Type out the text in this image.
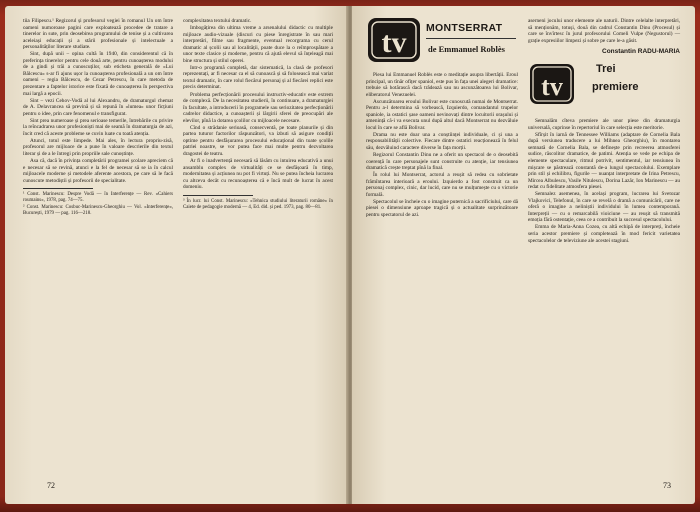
tiia Filipescu.¹ Regizorul și profesorul vegiei în romanul Un om între oameni numoroase pagini care exploatează procedee de tratare a tinerelor in sute, prin deosebirea programului de tenise și a cultivarea aceleiași educații și a stării profesionale și intelectuale a personalităților literare studiate.

Sint, după unii – opina cultă în 1940, din considerentul că în preferința tinerelor pentru cele două arte, pentru cunoașterea modului de a gindi și trăi a cunoscuților, sub eticheta generală de «Lui Bălcescu» s-ar fi ajuns ușor la cunoașterea profesională a un om între oameni – regia Bălcescu, de Cezar Petrescu, în care metoda de prezentare a faptelor istorice este fixată de cunoașterea în perspectiva mai largă a epocii.

Sint – vezi Cehov-Vodă al lui Alexandru, de dramaturgul chemat de A. Delavrancea să prevină și să repună în «lumea» unor ficțiuni pentru o idee, prin care fenomenul e transfigurat.

Sint prea numeroase și prea serioase temerile, întrebările cu privire la reîncadrarea unor profesioniști mai de seamă în dramaturgia de azi, încit cred că aceste probleme se cuvin luate cu toată atenția.

Atunci, totul este limpede. Mai ales, în lectura propriu-zisă, profesorul are mijloace de a pune în valoare descrierile din textul literar și de a le întregi prin propriile sale cunoștințe.

Asa că, dacă în privința completării programei școlare apreciem că e necesar să se revină, atunci e la fel de necesar să se ia în calcul mijloacele moderne și metodele aferente acestora, pe care să le facă cunoscute metodiștii și profesorii de specialitate.

¹ Const. Marinescu: Despre Vodă — în Interferențe — Rev. «Cahiers roumains», 1978, pag. 74—75.

² Const. Marinescu: Cosbuc-Marinescu-Gheorghiu — Vol. «Interferențe», București, 1979 — pag. 116—218.

complexitatea textului dramatic.

Imbogățirea din ultima vreme a arsenalului didactic cu multiple mijloace audio-vizuale (discuri cu piese înregistrate în sau mari interpretări, filme sau fragmente, eventual recorgrama cu cerul dramatic al școlii sau al localității, poate duce la o reîmprospătare a unor texte clasice și moderne, pentru că ajută elevul să înțeleagă mai bine structura și stilul operei.

Intr-o programă completă, dar sistematică, la clasă de profesori reprezentați, ar fi necesar ca el să cunoască și să folosească mai variat textul dramatic, în care rolul fiecărui personaj și al fiecărei replici este precis determinat.

Problema perfecționării procesului instructiv-educativ este extrem de complexă. De la necesitatea studierii, în continuare, a dramaturgiei în facultate, a introducerii în programele sau seriozitatea perfecționării cadrelor didactice, a cunoașterii și lărgirii sferei de preocupări ale elevilor, pînă la dotarea școlilor cu mijloacele necesare.

Cînd o strădanie serioasă, consecventă, pe toate planurile și din partea tuturor factorilor răspunzători, va izbuti să asigure condiții optime pentru desfășurarea procesului educațional din toate școlile patriei noastre, se vor putea face mai multe pentru dezvoltarea dragostei de teatru.

Ar fi o inadvertență necesară să lăsăm cu intuirea educativă a unui ansamblu complex de virtualități ce se desfășoară în timp, modernitatea și acțiunea nu pot fi virtuți. Nu se putea încheia lucrarea cu altceva decât cu recunoașterea că e încă mult de lucrat în acest domeniu.

³ În lucr. lui Const. Marinescu: «Tehnica studiului literaturii române» în Caiete de pedagogie modernă — 4, Ed. did. și ped. 1973, pag. 80—81.

72
tv MONTSERRAT
de Emmanuel Roblès

Piesa lui Emmanuel Roblès este o meditație asupra libertății. Eroul principal, un tînăr ofițer spaniol, este pus în fața unei alegeri dramatice: trebuie să hotărască dacă trădează sau nu ascunzătoarea lui Bolivar, eliberatorul Venezuelei.

Ascunzătoarea eroului Bolivar este cunoscută numai de Montserrat. Pentru a-l determina să vorbească, Izquierdo, comandantul trupelor spaniole, ia ostatici șase oameni nevinovați dintre locuitorii orașului și amenință că-i va executa unul după altul dacă Montserrat nu dezvăluie locul în care se află Bolivar.

Drama nu este doar una a conștiinței individuale, ci și una a responsabilității colective. Fiecare dintre ostatici reacționează în felul său, dezvăluind caractere diverse în fața morții.

Regizorul Constantin Dinu ne a oferit un spectacol de o deosebită coerență în care personajele sunt construite cu atenție, iar tensiunea dramatică crește treptat pînă la final.

În rolul lui Montserrat, actorul a reușit să redea cu sobrietate frămîntarea interioară a eroului. Izquierdo a fost construit ca un personaj complex, cinic, dar lucid, care nu se mulțumește cu o victorie formală.

Spectacolul se încheie cu o imagine puternică a sacrificiului, care dă piesei o dimensiune aproape tragică și o actualitate surprinzătoare pentru spectatorul de azi.

aserneni jocului unor elemente ale naturii. Dintre celelalte interpretări, să menționăm, totuși, două din cadrul Constantin Dinu (Procesul) și care se învîrtesc în jurul profesorului Comeli Vulpe (Negustorul) — grație expresiilor limpezi și sobre pe care le-a găsit.

Constantin RADU-MARIA

tv
Trei
premiere

Semnalăm cîteva premiere ale unor piese din dramaturgia universală, cuprinse în repertoriul în care selecția este meritorie.

Sfîrșit în iarnă de Tennessee Williams (adaptare de Cornelia Bala după versiunea traducere a lui Mihnea Gheorghiu), în montarea semnată de Cornelia Bala, se definește prin recreerea atmosferei sudice, răscolitor dramatice, de patimi. Atenția se vede pe echipa de elemente spectaculare, ritmul potrivit, sentimentul, iar tensiunea în mișcare se păstrează constantă de-a lungul spectacolului. Exemplare prin stil și echilibru, figurile — nuanțat interpretate de Irina Petrescu, Mircea Albulescu, Vasile Nitulescu, Dorina Lazăr, Ion Marinescu — au redat cu fidelitate atmosfera piesei.

Semnalez asemenea, în același program, lucrarea lui Svetozar Vlajkovici, Telefonul, în care se revelă o dramă a comunicării, care ne oferă o imagine a neliniștii individului în lumea contemporană. Interpreții — cu o remarcabilă vioiciune — au reușit să transmită emoția fără ostentație, ceea ce a contribuit la succesul spectacolului.

Emma de Maria-Anna Cozea, cu altă echipă de interpreți, încheie seria acestor premiere și completează în mod fericit varietatea spectacolelor de televiziune ale acestei stagiuni.

73
